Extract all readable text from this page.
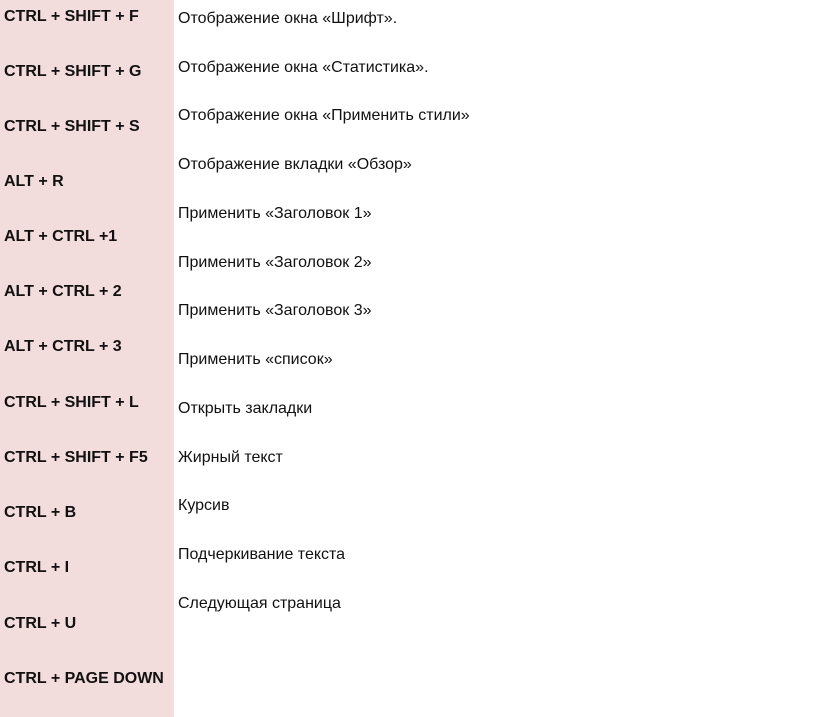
CTRL + SHIFT + F
CTRL + SHIFT + G
CTRL + SHIFT + S
ALT + R
ALT + CTRL +1
ALT + CTRL + 2
ALT + CTRL + 3
CTRL + SHIFT + L
CTRL + SHIFT + F5
CTRL + B
CTRL + I
CTRL + U
CTRL + PAGE DOWN
Отображение окна «Шрифт».
Отображение окна «Статистика».
Отображение окна «Применить стили»
Отображение вкладки «Обзор»
Применить «Заголовок 1»
Применить «Заголовок 2»
Применить «Заголовок 3»
Применить «список»
Открыть закладки
Жирный текст
Курсив
Подчеркивание текста
Следующая страница
